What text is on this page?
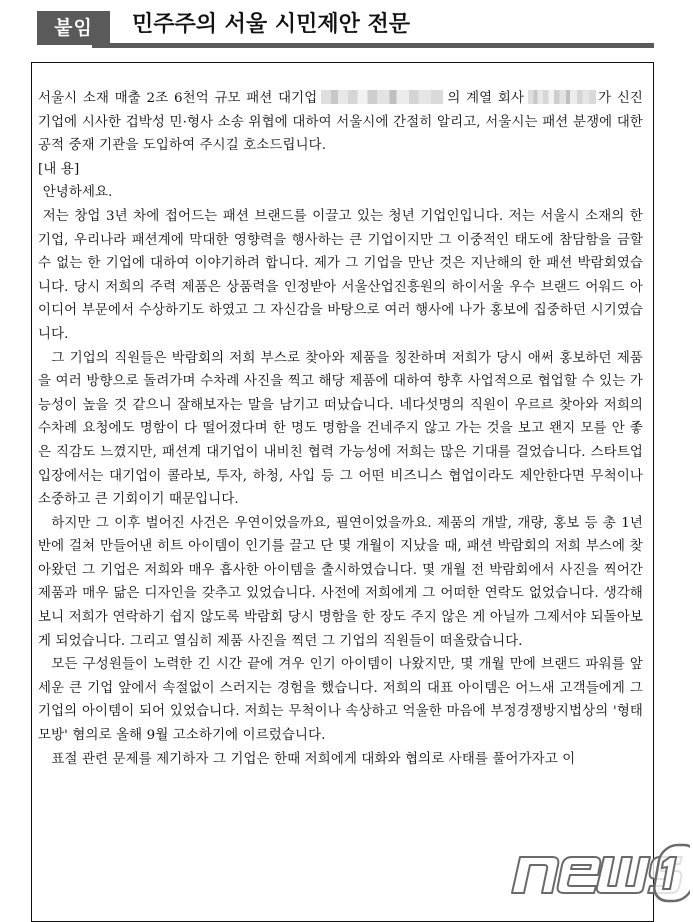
붙임	민주주의 서울 시민제안 전문

서울시 소재 매출 2조 6천억 규모 패션 대기업	의 계열 회사	가 신진 기업에 시사한 겁박성 민·형사 소송 위협에 대하여 서울시에 간절히 알리고, 서울시는 패션 분쟁에 대한 공적 중재 기관을 도입하여 주시길 호소드립니다.

[내 용]

안녕하세요.

저는 창업 3년 차에 접어드는 패션 브랜드를 이끌고 있는 청년 기업인입니다. 저는 서울시 소재의 한 기업, 우리나라 패션계에 막대한 영향력을 행사하는 큰 기업이지만 그 이중적인 태도에 참담함을 금할 수 없는 한 기업에 대하여 이야기하려 합니다. 제가 그 기업을 만난 것은 지난해의 한 패션 박람회였습니다. 당시 저희의 주력 제품은 상품력을 인정받아 서울산업진흥원의 하이서울 우수 브랜드 어워드 아이디어 부문에서 수상하기도 하였고 그 자신감을 바탕으로 여러 행사에 나가 홍보에 집중하던 시기였습니다.

그 기업의 직원들은 박람회의 저희 부스로 찾아와 제품을 칭찬하며 저희가 당시 애써 홍보하던 제품을 여러 방향으로 돌려가며 수차례 사진을 찍고 해당 제품에 대하여 향후 사업적으로 협업할 수 있는 가능성이 높을 것 같으니 잘해보자는 말을 남기고 떠났습니다. 네다섯명의 직원이 우르르 찾아와 저희의 수차례 요청에도 명함이 다 떨어졌다며 한 명도 명함을 건네주지 않고 가는 것을 보고 왠지 모를 안 좋은 직감도 느꼈지만, 패션계 대기업이 내비친 협력 가능성에 저희는 많은 기대를 걸었습니다. 스타트업 입장에서는 대기업이 콜라보, 투자, 하청, 사입 등 그 어떤 비즈니스 협업이라도 제안한다면 무척이나 소중하고 큰 기회이기 때문입니다.

하지만 그 이후 벌어진 사건은 우연이었을까요, 필연이었을까요. 제품의 개발, 개량, 홍보 등 총 1년 반에 걸쳐 만들어낸 히트 아이템이 인기를 끌고 단 몇 개월이 지났을 때, 패션 박람회의 저희 부스에 찾아왔던 그 기업은 저희와 매우 흡사한 아이템을 출시하였습니다. 몇 개월 전 박람회에서 사진을 찍어간 제품과 매우 닮은 디자인을 갖추고 있었습니다. 사전에 저희에게 그 어떠한 연락도 없었습니다. 생각해 보니 저희가 연락하기 쉽지 않도록 박람회 당시 명함을 한 장도 주지 않은 게 아닐까 그제서야 되돌아보게 되었습니다. 그리고 열심히 제품 사진을 찍던 그 기업의 직원들이 떠올랐습니다.

모든 구성원들이 노력한 긴 시간 끝에 겨우 인기 아이템이 나왔지만, 몇 개월 만에 브랜드 파워를 앞세운 큰 기업 앞에서 속절없이 스러지는 경험을 했습니다. 저희의 대표 아이템은 어느새 고객들에게 그 기업의 아이템이 되어 있었습니다. 저희는 무척이나 속상하고 억울한 마음에 부정경쟁방지법상의 '형태 모방' 혐의로 올해 9월 고소하기에 이르렀습니다.

표절 관련 문제를 제기하자 그 기업은 한때 저희에게 대화와 협의로 사태를 풀어가자고 이
